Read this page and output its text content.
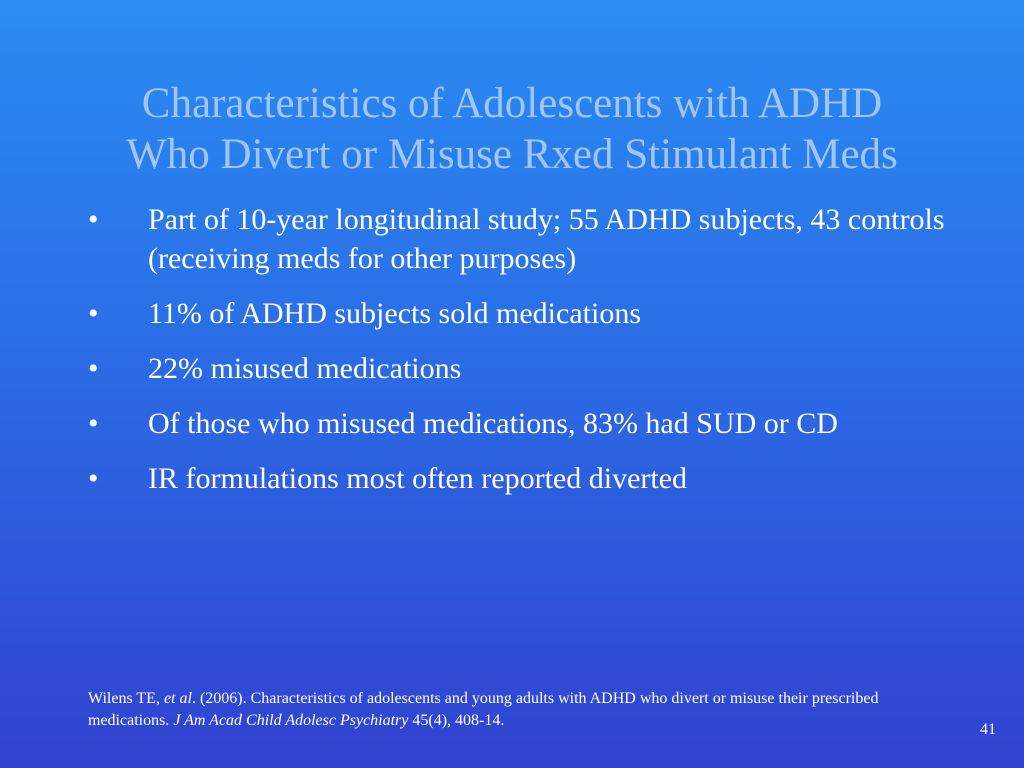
Characteristics of Adolescents with ADHD
Who Divert or Misuse Rxed Stimulant Meds
•	Part of 10-year longitudinal study; 55 ADHD subjects, 43 controls (receiving meds for other purposes)
•	11% of ADHD subjects sold medications
•	22% misused medications
•	Of those who misused medications, 83% had SUD or CD
•	IR formulations most often reported diverted
Wilens TE, et al. (2006). Characteristics of adolescents and young adults with ADHD who divert or misuse their prescribed medications. J Am Acad Child Adolesc Psychiatry 45(4), 408-14.
41
